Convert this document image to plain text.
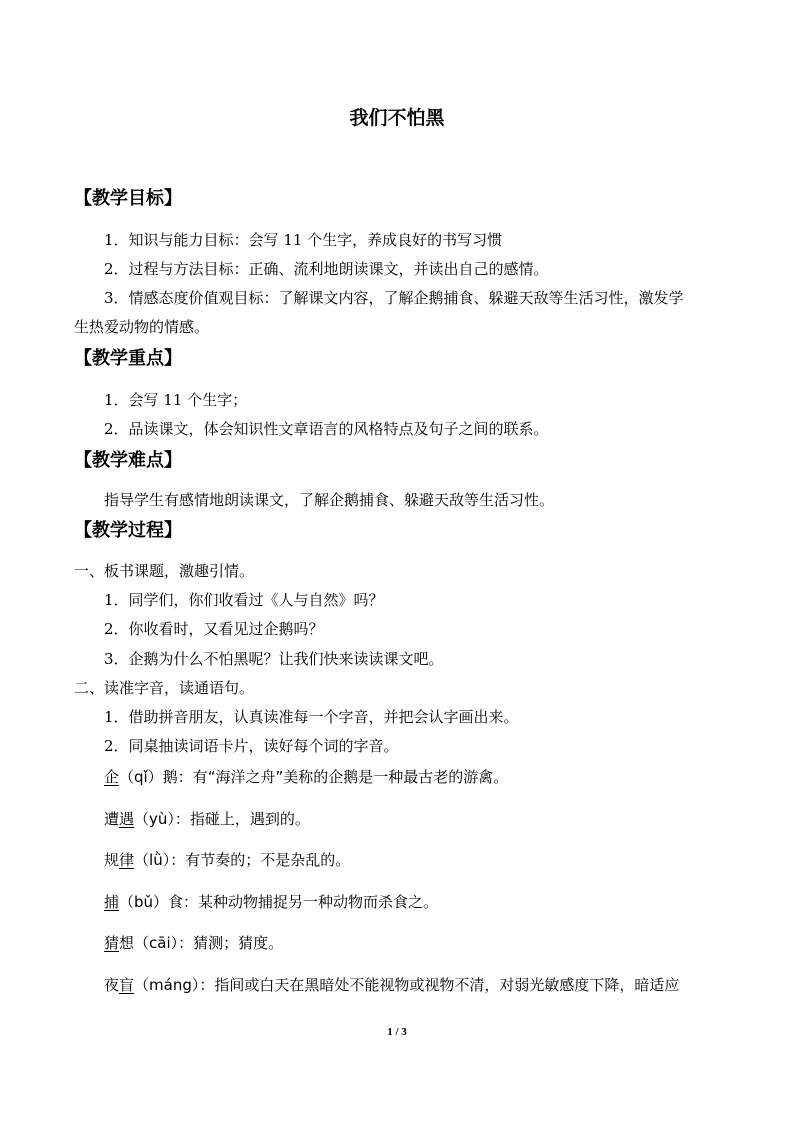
我们不怕黑
【教学目标】
1．知识与能力目标：会写 11 个生字，养成良好的书写习惯
2．过程与方法目标：正确、流利地朗读课文，并读出自己的感情。
3．情感态度价值观目标：了解课文内容，了解企鹅捕食、躲避天敌等生活习性，激发学
生热爱动物的情感。
【教学重点】
1．会写 11 个生字；
2．品读课文，体会知识性文章语言的风格特点及句子之间的联系。
【教学难点】
指导学生有感情地朗读课文，了解企鹅捕食、躲避天敌等生活习性。
【教学过程】
一、板书课题，激趣引情。
1．同学们，你们收看过《人与自然》吗？
2．你收看时，又看见过企鹅吗？
3．企鹅为什么不怕黑呢？让我们快来读读课文吧。
二、读准字音，读通语句。
1．借助拼音朋友，认真读准每一个字音，并把会认字画出来。
2．同桌抽读词语卡片，读好每个词的字音。
企（qǐ）鹅：有“海洋之舟”美称的企鹅是一种最古老的游禽。
遭遇（yù）：指碰上，遇到的。
规律（lǜ）：有节奏的；不是杂乱的。
捕（bǔ）食：某种动物捕捉另一种动物而杀食之。
猜想（cāi）：猜测；猜度。
夜盲（máng）：指间或白天在黑暗处不能视物或视物不清，对弱光敏感度下降，暗适应
1 / 3
